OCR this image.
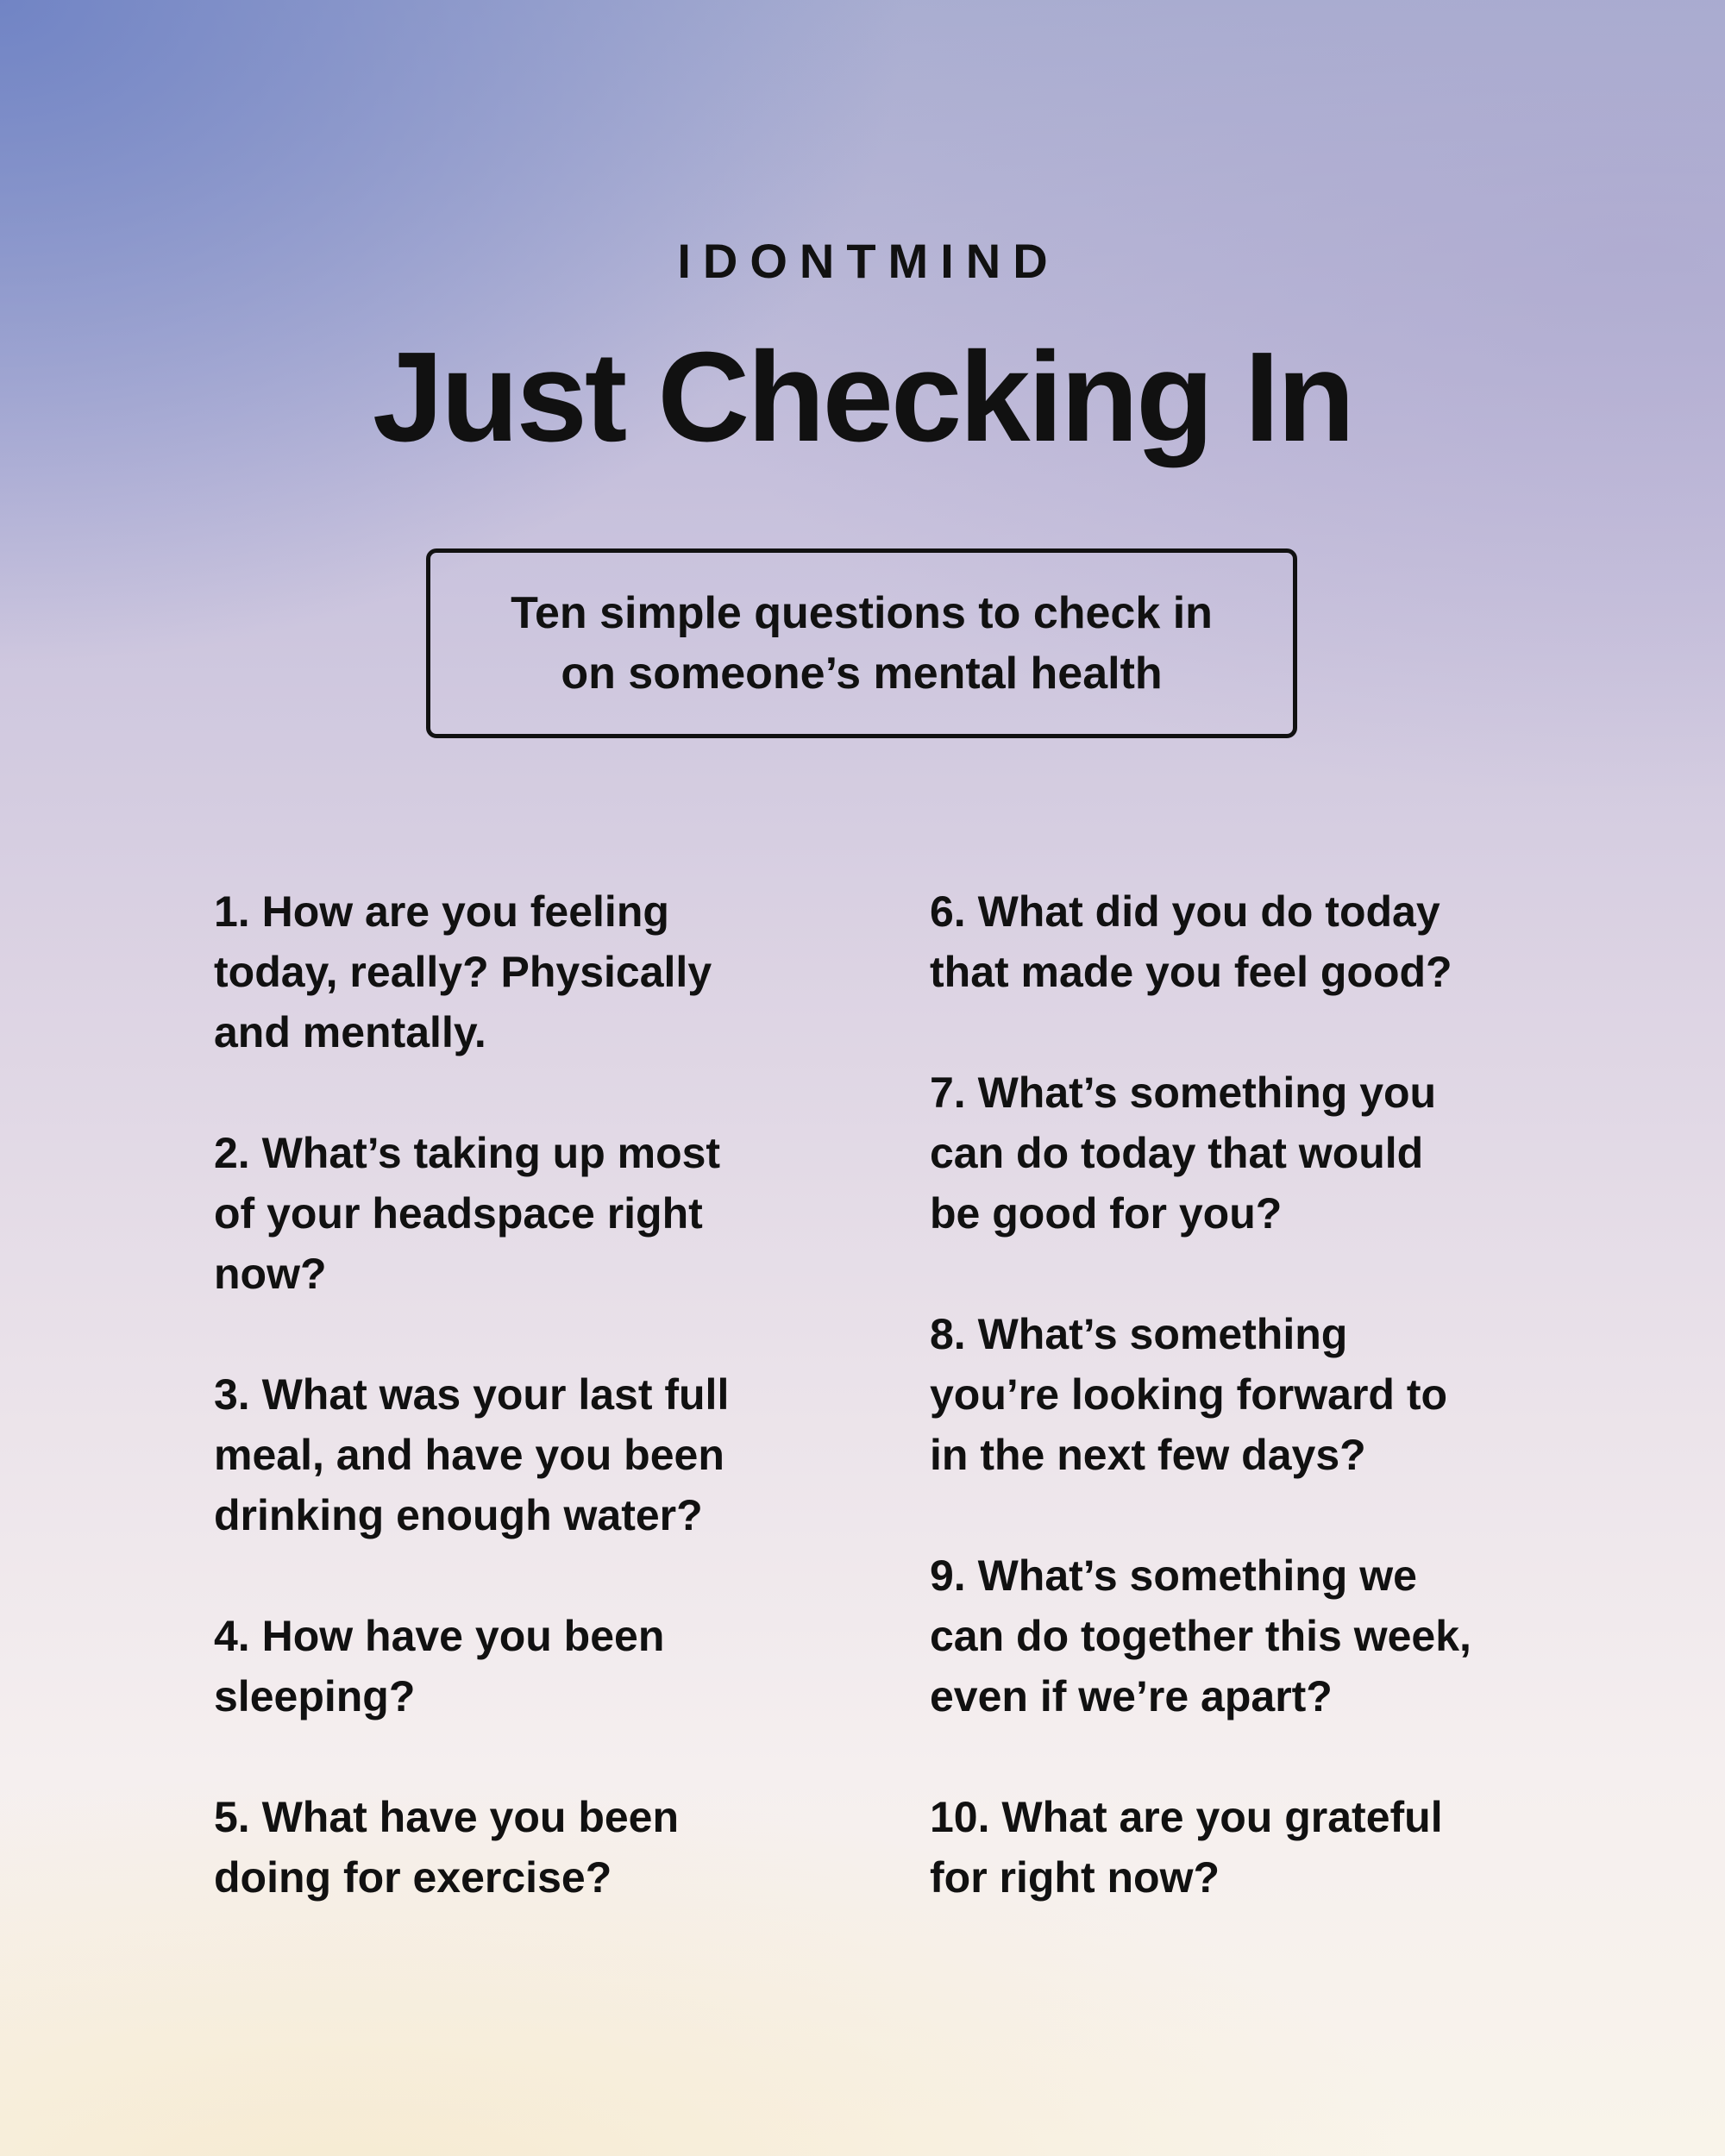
IDONTMIND
Just Checking In
Ten simple questions to check in
on someone’s mental health
1. How are you feeling
today, really? Physically
and mentally.
2. What’s taking up most
of your headspace right
now?
3. What was your last full
meal, and have you been
drinking enough water?
4. How have you been
sleeping?
5. What have you been
doing for exercise?
6. What did you do today
that made you feel good?
7. What’s something you
can do today that would
be good for you?
8. What’s something
you’re looking forward to
in the next few days?
9. What’s something we
can do together this week,
even if we’re apart?
10. What are you grateful
for right now?
